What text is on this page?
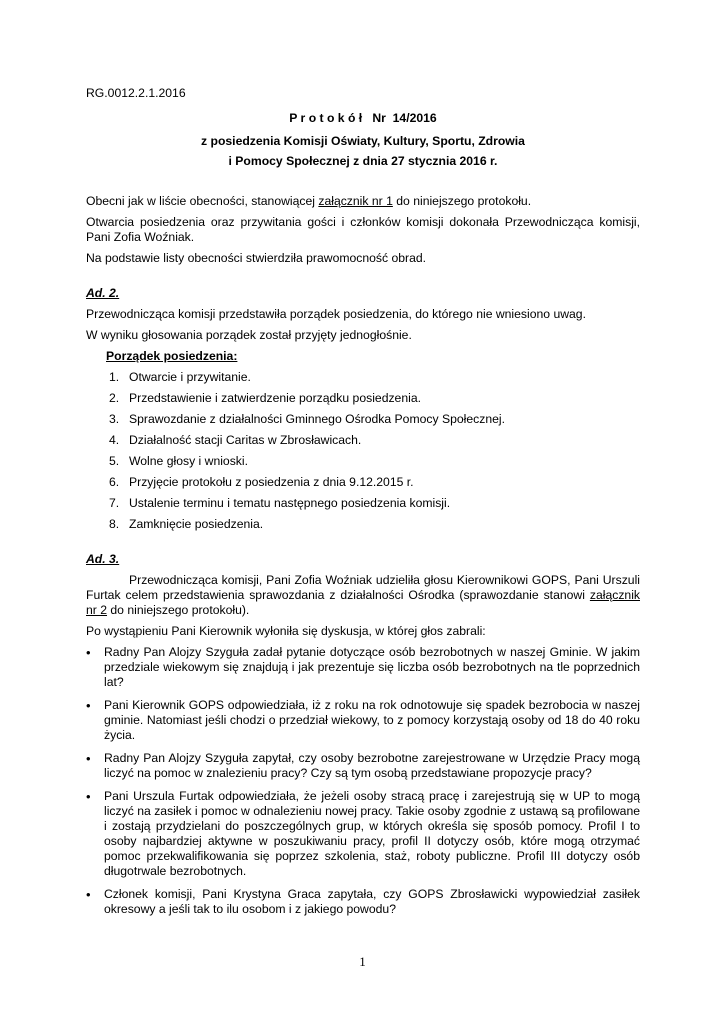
RG.0012.2.1.2016
P r o t o k ó ł   Nr  14/2016
z posiedzenia Komisji Oświaty, Kultury, Sportu, Zdrowia
i Pomocy Społecznej z dnia 27 stycznia 2016 r.

Obecni jak w liście obecności, stanowiącej załącznik nr 1 do niniejszego protokołu.

Otwarcia posiedzenia oraz przywitania gości i członków komisji dokonała Przewodnicząca komisji, Pani Zofia Woźniak.

Na podstawie listy obecności stwierdziła prawomocność obrad.

Ad. 2.

Przewodnicząca komisji przedstawiła porządek posiedzenia, do którego nie wniesiono uwag.

W wyniku głosowania porządek został przyjęty jednogłośnie.

Porządek posiedzenia:
1. Otwarcie i przywitanie.
2. Przedstawienie i zatwierdzenie porządku posiedzenia.
3. Sprawozdanie z działalności Gminnego Ośrodka Pomocy Społecznej.
4. Działalność stacji Caritas w Zbrosławicach.
5. Wolne głosy i wnioski.
6. Przyjęcie protokołu z posiedzenia z dnia 9.12.2015 r.
7. Ustalenie terminu i tematu następnego posiedzenia komisji.
8. Zamknięcie posiedzenia.
Ad. 3.

Przewodnicząca komisji, Pani Zofia Woźniak udzieliła głosu Kierownikowi GOPS, Pani Urszuli Furtak celem przedstawienia sprawozdania z działalności Ośrodka (sprawozdanie stanowi załącznik nr 2 do niniejszego protokołu).

Po wystąpieniu Pani Kierownik wyłoniła się dyskusja, w której głos zabrali:

•	Radny Pan Alojzy Szyguła zadał pytanie dotyczące osób bezrobotnych w naszej Gminie. W jakim przedziale wiekowym się znajdują i jak prezentuje się liczba osób bezrobotnych na tle poprzednich lat?
•	Pani Kierownik GOPS odpowiedziała, iż z roku na rok odnotowuje się spadek bezrobocia w naszej gminie. Natomiast jeśli chodzi o przedział wiekowy, to z pomocy korzystają osoby od 18 do 40 roku życia.
•	Radny Pan Alojzy Szyguła zapytał, czy osoby bezrobotne zarejestrowane w Urzędzie Pracy mogą liczyć na pomoc w znalezieniu pracy? Czy są tym osobą przedstawiane propozycje pracy?
•	Pani Urszula Furtak odpowiedziała, że jeżeli osoby stracą pracę i zarejestrują się w UP to mogą liczyć na zasiłek i pomoc w odnalezieniu nowej pracy. Takie osoby zgodnie z ustawą są profilowane i zostają przydzielani do poszczególnych grup, w których określa się sposób pomocy. Profil I to osoby najbardziej aktywne w poszukiwaniu pracy, profil II dotyczy osób, które mogą otrzymać pomoc przekwalifikowania się poprzez szkolenia, staż, roboty publiczne. Profil III dotyczy osób długotrwale bezrobotnych.
•	Członek komisji, Pani Krystyna Graca zapytała, czy GOPS Zbrosławicki wypowiedział zasiłek okresowy a jeśli tak to ilu osobom i z jakiego powodu?
1
